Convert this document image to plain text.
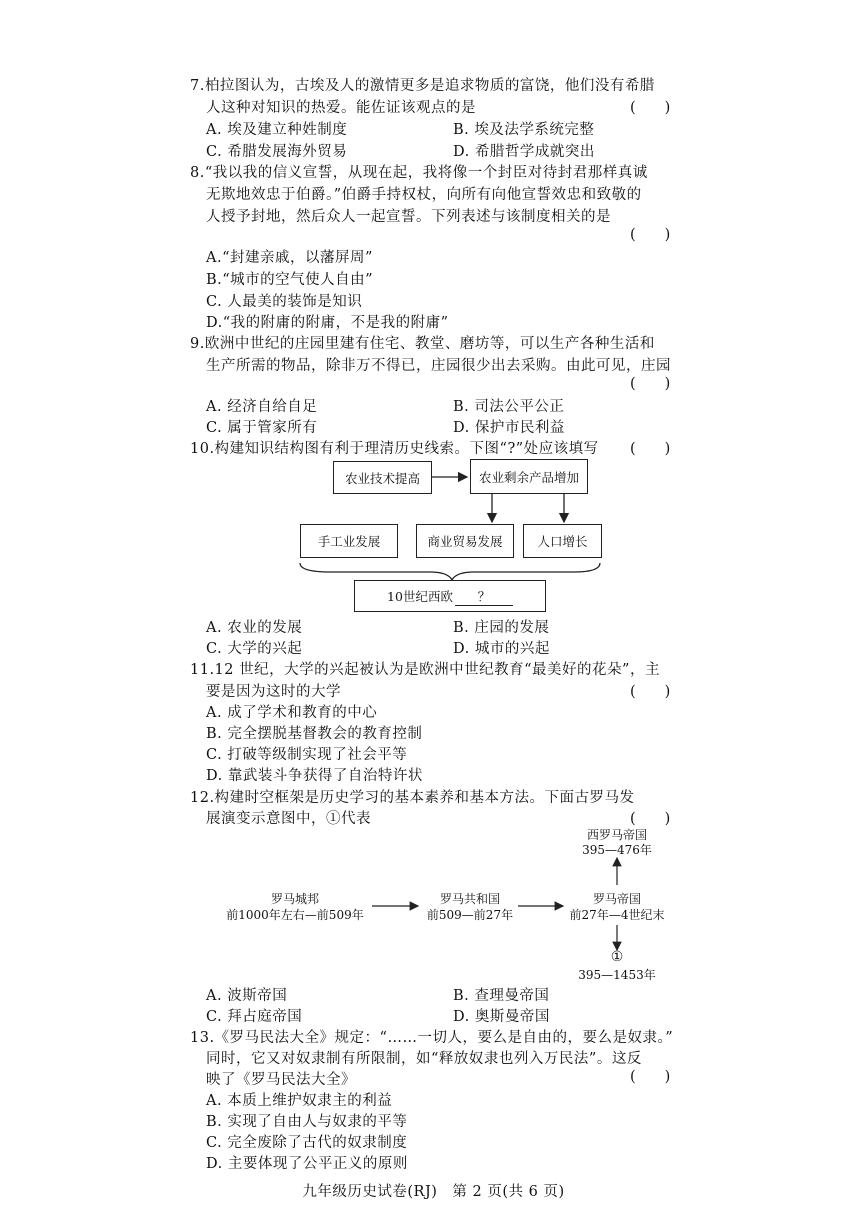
7.柏拉图认为，古埃及人的激情更多是追求物质的富饶，他们没有希腊
人这种对知识的热爱。能佐证该观点的是	(　　)
A. 埃及建立种姓制度	B. 埃及法学系统完整
C. 希腊发展海外贸易	D. 希腊哲学成就突出
8.“我以我的信义宣誓，从现在起，我将像一个封臣对待封君那样真诚
无欺地效忠于伯爵。”伯爵手持权杖，向所有向他宣誓效忠和致敬的
人授予封地，然后众人一起宣誓。下列表述与该制度相关的是
(　　)
A.“封建亲戚，以藩屏周”
B.“城市的空气使人自由”
C. 人最美的装饰是知识
D.“我的附庸的附庸，不是我的附庸”
9.欧洲中世纪的庄园里建有住宅、教堂、磨坊等，可以生产各种生活和
生产所需的物品，除非万不得已，庄园很少出去采购。由此可见，庄园
(　　)
A. 经济自给自足	B. 司法公平公正
C. 属于管家所有	D. 保护市民利益
10.构建知识结构图有利于理清历史线索。下图“?”处应该填写 (　　)
农业技术提高	农业剩余产品增加
手工业发展	商业贸易发展	人口增长
10世纪西欧	？
A. 农业的发展	B. 庄园的发展
C. 大学的兴起	D. 城市的兴起
11.12 世纪，大学的兴起被认为是欧洲中世纪教育“最美好的花朵”，主
要是因为这时的大学	(　　)
A. 成了学术和教育的中心
B. 完全摆脱基督教会的教育控制
C. 打破等级制实现了社会平等
D. 靠武装斗争获得了自治特许状
12.构建时空框架是历史学习的基本素养和基本方法。下面古罗马发
展演变示意图中，①代表	(　　)
西罗马帝国
395—476年
罗马城邦
前1000年左右—前509年
罗马共和国
前509—前27年
罗马帝国
前27年—4世纪末
①
395—1453年
A. 波斯帝国	B. 查理曼帝国
C. 拜占庭帝国	D. 奥斯曼帝国
13.《罗马民法大全》规定：“……一切人，要么是自由的，要么是奴隶。”
同时，它又对奴隶制有所限制，如“释放奴隶也列入万民法”。这反
映了《罗马民法大全》	(　　)
A. 本质上维护奴隶主的利益
B. 实现了自由人与奴隶的平等
C. 完全废除了古代的奴隶制度
D. 主要体现了公平正义的原则
九年级历史试卷(RJ)　第 2 页(共 6 页)
